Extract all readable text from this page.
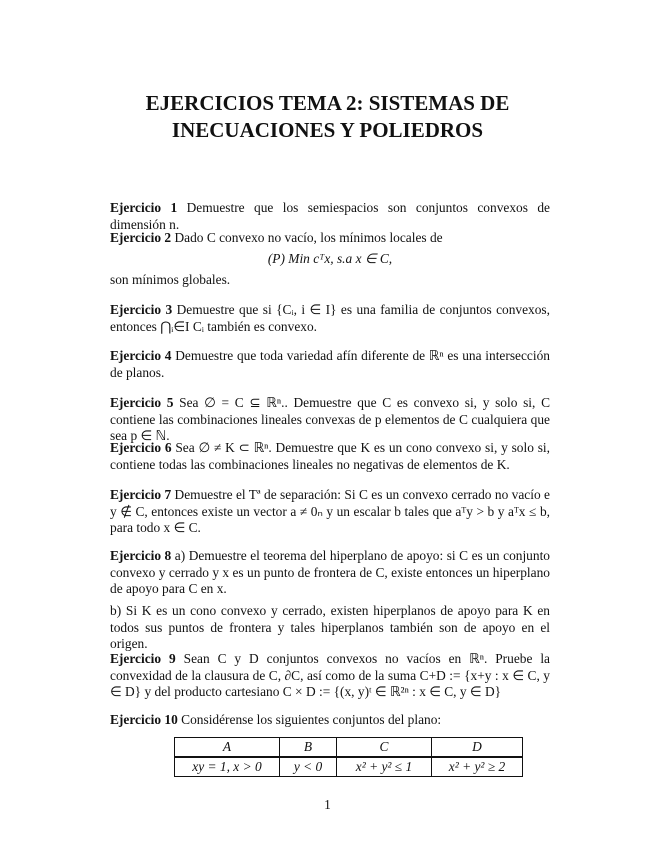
EJERCICIOS TEMA 2: SISTEMAS DE INECUACIONES Y POLIEDROS
Ejercicio 1 Demuestre que los semiespacios son conjuntos convexos de dimensión n.
Ejercicio 2 Dado C convexo no vacío, los mínimos locales de
(P) Min cᵀx, s.a x ∈ C,
son mínimos globales.
Ejercicio 3 Demuestre que si {Cᵢ, i ∈ I} es una familia de conjuntos convexos, entonces ⋂ᵢ∈I Cᵢ también es convexo.
Ejercicio 4 Demuestre que toda variedad afín diferente de ℝⁿ es una intersección de planos.
Ejercicio 5 Sea ∅ = C ⊆ ℝⁿ.. Demuestre que C es convexo si, y solo si, C contiene las combinaciones lineales convexas de p elementos de C cualquiera que sea p ∈ ℕ.
Ejercicio 6 Sea ∅ ≠ K ⊂ ℝⁿ. Demuestre que K es un cono convexo si, y solo si, contiene todas las combinaciones lineales no negativas de elementos de K.
Ejercicio 7 Demuestre el Tª de separación: Si C es un convexo cerrado no vacío e y ∉ C, entonces existe un vector a ≠ 0ₙ y un escalar b tales que aᵀy > b y aᵀx ≤ b, para todo x ∈ C.
Ejercicio 8 a) Demuestre el teorema del hiperplano de apoyo: si C es un conjunto convexo y cerrado y x es un punto de frontera de C, existe entonces un hiperplano de apoyo para C en x.
b) Si K es un cono convexo y cerrado, existen hiperplanos de apoyo para K en todos sus puntos de frontera y tales hiperplanos también son de apoyo en el origen.
Ejercicio 9 Sean C y D conjuntos convexos no vacíos en ℝⁿ. Pruebe la convexidad de la clausura de C, ∂C, así como de la suma C+D := {x+y : x ∈ C, y ∈ D} y del producto cartesiano C × D := {(x, y)ᵗ ∈ ℝ²ⁿ : x ∈ C, y ∈ D}
Ejercicio 10 Considérense los siguientes conjuntos del plano:
A	B	C	D
xy = 1, x > 0	y < 0	x² + y² ≤ 1	x² + y² ≥ 2
1
